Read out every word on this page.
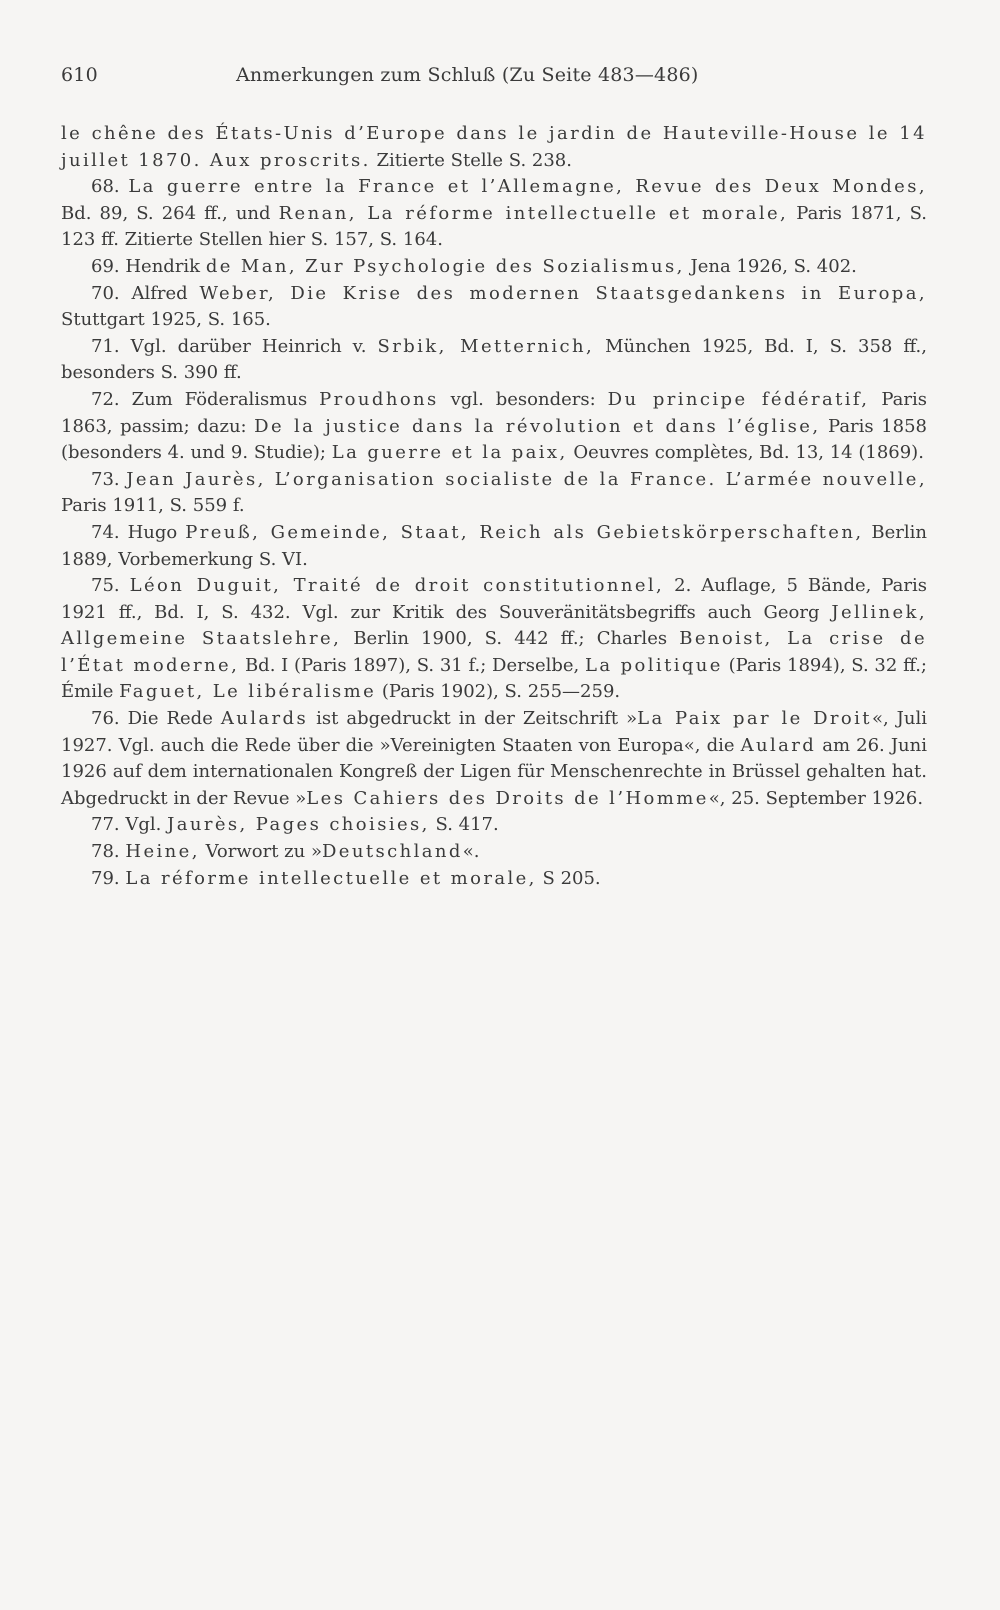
610	Anmerkungen zum Schluß (Zu Seite 483—486)

le chêne des États-Unis d’Europe dans le jardin de Hauteville-House le 14 juillet 1870. Aux proscrits. Zitierte Stelle S. 238.

68. La guerre entre la France et l’Allemagne, Revue des Deux Mondes, Bd. 89, S. 264 ff., und Renan, La réforme intellectuelle et morale, Paris 1871, S. 123 ff. Zitierte Stellen hier S. 157, S. 164.

69. Hendrik de Man, Zur Psychologie des Sozialismus, Jena 1926, S. 402.

70. Alfred Weber, Die Krise des modernen Staatsgedankens in Europa, Stuttgart 1925, S. 165.

71. Vgl. darüber Heinrich v. Srbik, Metternich, München 1925, Bd. I, S. 358 ff., besonders S. 390 ff.

72. Zum Föderalismus Proudhons vgl. besonders: Du principe fédératif, Paris 1863, passim; dazu: De la justice dans la révolution et dans l’église, Paris 1858 (besonders 4. und 9. Studie); La guerre et la paix, Oeuvres complètes, Bd. 13, 14 (1869).

73. Jean Jaurès, L’organisation socialiste de la France. L’armée nouvelle, Paris 1911, S. 559 f.

74. Hugo Preuß, Gemeinde, Staat, Reich als Gebietskörperschaften, Berlin 1889, Vorbemerkung S. VI.

75. Léon Duguit, Traité de droit constitutionnel, 2. Auflage, 5 Bände, Paris 1921 ff., Bd. I, S. 432. Vgl. zur Kritik des Souveränitätsbegriffs auch Georg Jellinek, Allgemeine Staatslehre, Berlin 1900, S. 442 ff.; Charles Benoist, La crise de l’État moderne, Bd. I (Paris 1897), S. 31 f.; Derselbe, La politique (Paris 1894), S. 32 ff.; Émile Faguet, Le libéralisme (Paris 1902), S. 255—259.

76. Die Rede Aulards ist abgedruckt in der Zeitschrift »La Paix par le Droit«, Juli 1927. Vgl. auch die Rede über die »Vereinigten Staaten von Europa«, die Aulard am 26. Juni 1926 auf dem internationalen Kongreß der Ligen für Menschenrechte in Brüssel gehalten hat. Abgedruckt in der Revue »Les Cahiers des Droits de l’Homme«, 25. September 1926.

77. Vgl. Jaurès, Pages choisies, S. 417.

78. Heine, Vorwort zu »Deutschland«.

79. La réforme intellectuelle et morale, S 205.
